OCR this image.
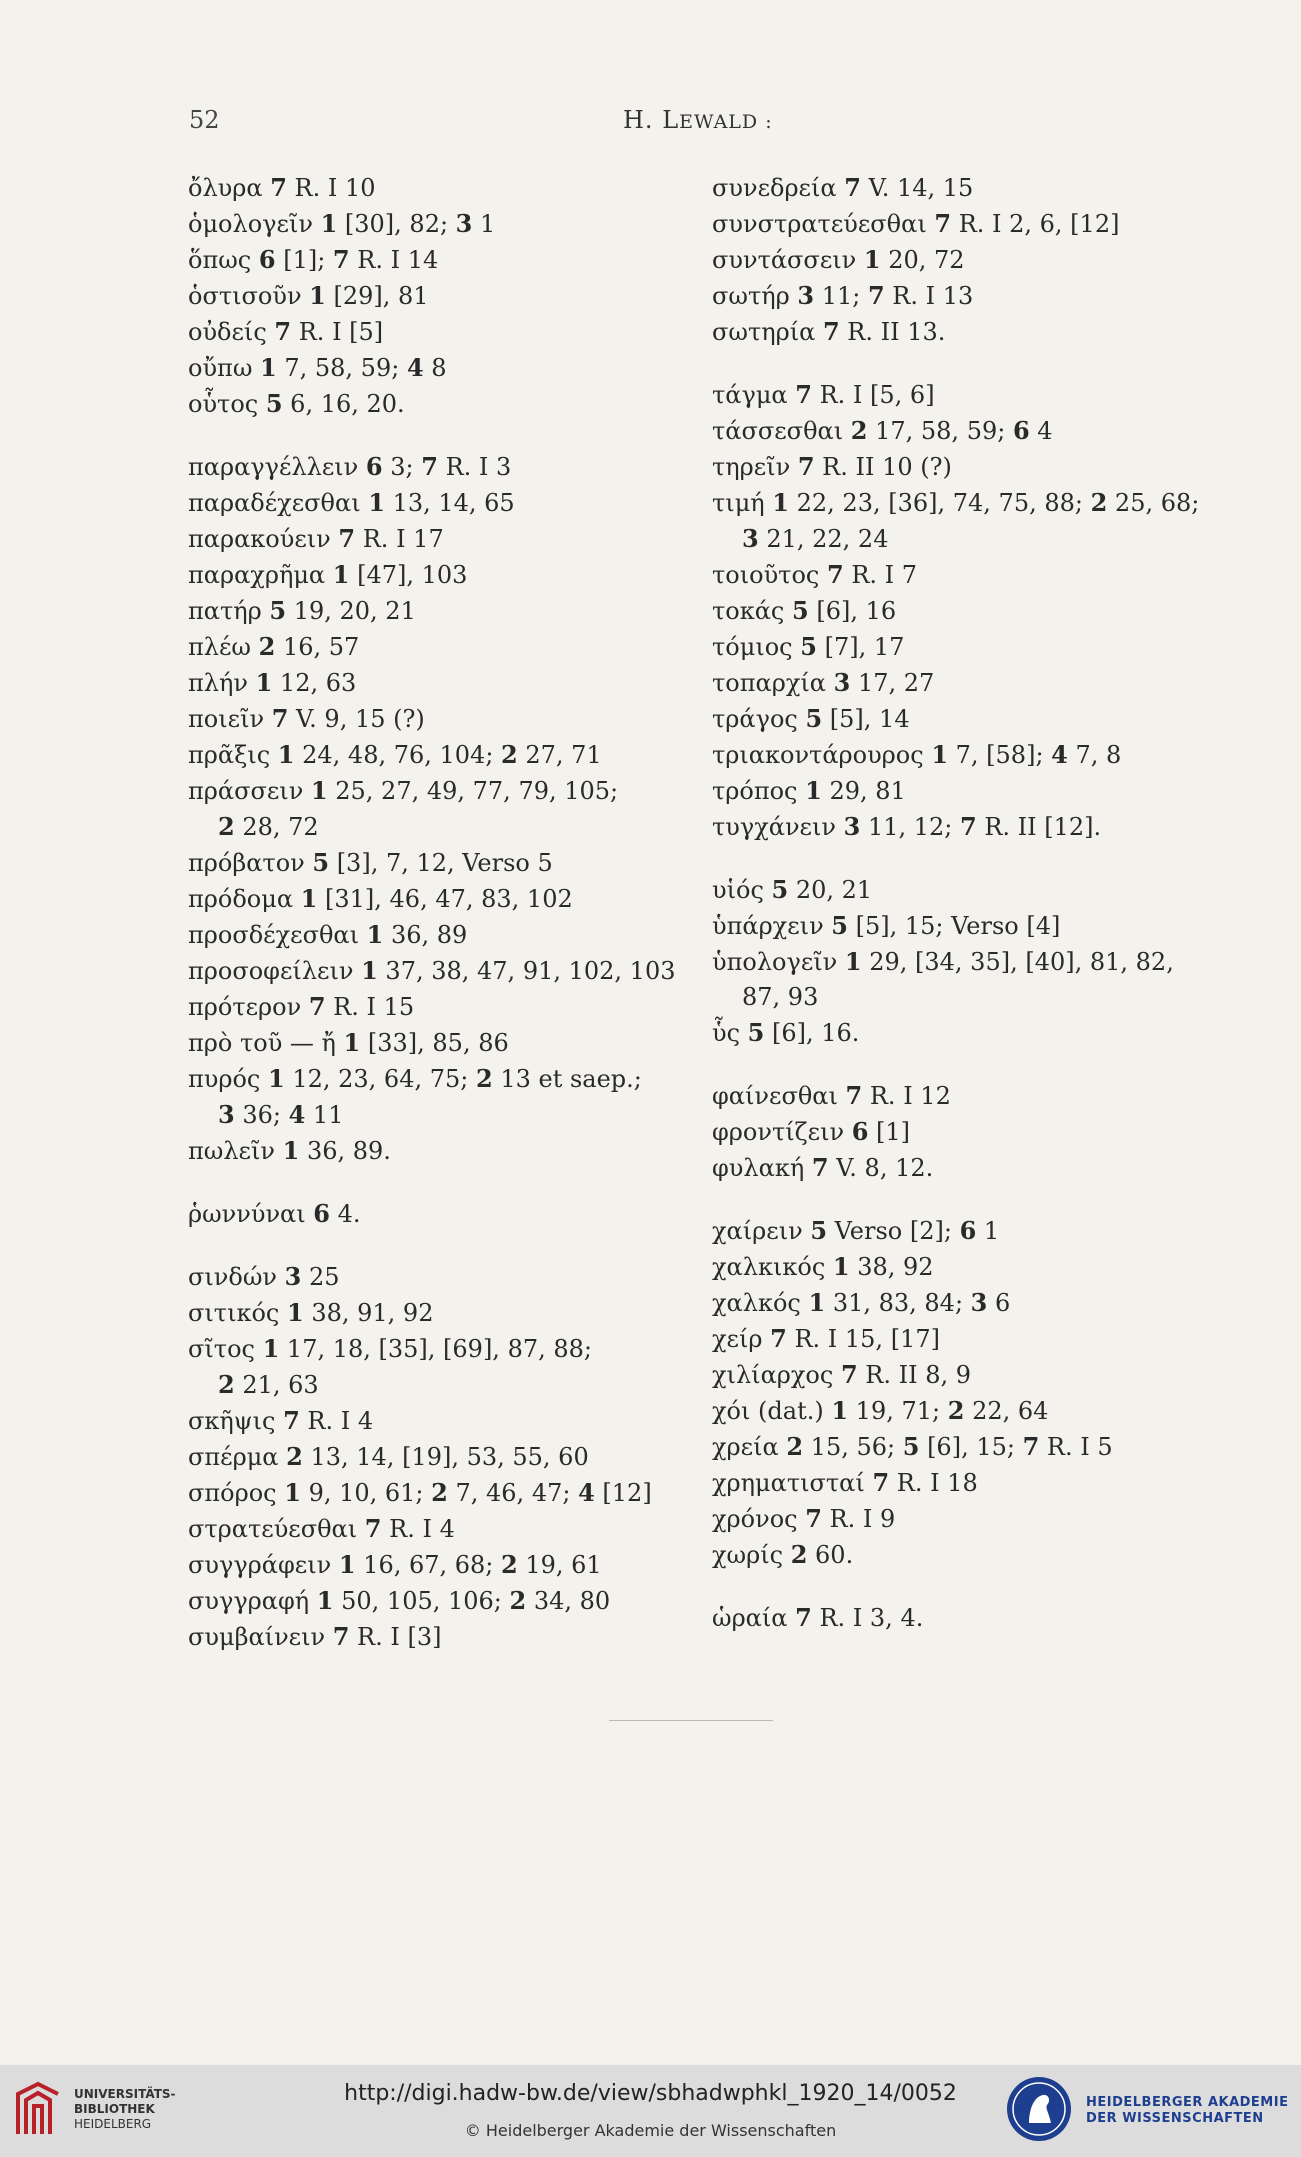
52	H. LEWALD :
ὄλυρα 7 R. I 10
ὁμολογεῖν 1 [30], 82; 3 1
ὅπως 6 [1]; 7 R. I 14
ὁστισοῦν 1 [29], 81
οὐδείς 7 R. I [5]
οὔπω 1 7, 58, 59; 4 8
οὗτος 5 6, 16, 20.
παραγγέλλειν 6 3; 7 R. I 3
παραδέχεσθαι 1 13, 14, 65
παρακούειν 7 R. I 17
παραχρῆμα 1 [47], 103
πατήρ 5 19, 20, 21
πλέω 2 16, 57
πλήν 1 12, 63
ποιεῖν 7 V. 9, 15 (?)
πρᾶξις 1 24, 48, 76, 104; 2 27, 71
πράσσειν 1 25, 27, 49, 77, 79, 105;
2 28, 72
πρόβατον 5 [3], 7, 12, Verso 5
πρόδομα 1 [31], 46, 47, 83, 102
προσδέχεσθαι 1 36, 89
προσοφείλειν 1 37, 38, 47, 91, 102, 103
πρότερον 7 R. I 15
πρὸ τοῦ — ἤ 1 [33], 85, 86
πυρός 1 12, 23, 64, 75; 2 13 et saep.;
3 36; 4 11
πωλεῖν 1 36, 89.
ῥωννύναι 6 4.
σινδών 3 25
σιτικός 1 38, 91, 92
σῖτος 1 17, 18, [35], [69], 87, 88;
2 21, 63
σκῆψις 7 R. I 4
σπέρμα 2 13, 14, [19], 53, 55, 60
σπόρος 1 9, 10, 61; 2 7, 46, 47; 4 [12]
στρατεύεσθαι 7 R. I 4
συγγράφειν 1 16, 67, 68; 2 19, 61
συγγραφή 1 50, 105, 106; 2 34, 80
συμβαίνειν 7 R. I [3]
συνεδρεία 7 V. 14, 15
συνστρατεύεσθαι 7 R. I 2, 6, [12]
συντάσσειν 1 20, 72
σωτήρ 3 11; 7 R. I 13
σωτηρία 7 R. II 13.
τάγμα 7 R. I [5, 6]
τάσσεσθαι 2 17, 58, 59; 6 4
τηρεῖν 7 R. II 10 (?)
τιμή 1 22, 23, [36], 74, 75, 88; 2 25, 68;
3 21, 22, 24
τοιοῦτος 7 R. I 7
τοκάς 5 [6], 16
τόμιος 5 [7], 17
τοπαρχία 3 17, 27
τράγος 5 [5], 14
τριακοντάρουρος 1 7, [58]; 4 7, 8
τρόπος 1 29, 81
τυγχάνειν 3 11, 12; 7 R. II [12].
υἱός 5 20, 21
ὑπάρχειν 5 [5], 15; Verso [4]
ὑπολογεῖν 1 29, [34, 35], [40], 81, 82,
87, 93
ὗς 5 [6], 16.
φαίνεσθαι 7 R. I 12
φροντίζειν 6 [1]
φυλακή 7 V. 8, 12.
χαίρειν 5 Verso [2]; 6 1
χαλκικός 1 38, 92
χαλκός 1 31, 83, 84; 3 6
χείρ 7 R. I 15, [17]
χιλίαρχος 7 R. II 8, 9
χόι (dat.) 1 19, 71; 2 22, 64
χρεία 2 15, 56; 5 [6], 15; 7 R. I 5
χρηματισταί 7 R. I 18
χρόνος 7 R. I 9
χωρίς 2 60.
ὡραία 7 R. I 3, 4.
UNIVERSITÄTS-
BIBLIOTHEK
HEIDELBERG
http://digi.hadw-bw.de/view/sbhadwphkl_1920_14/0052
© Heidelberger Akademie der Wissenschaften
HEIDELBERGER AKADEMIE
DER WISSENSCHAFTEN
